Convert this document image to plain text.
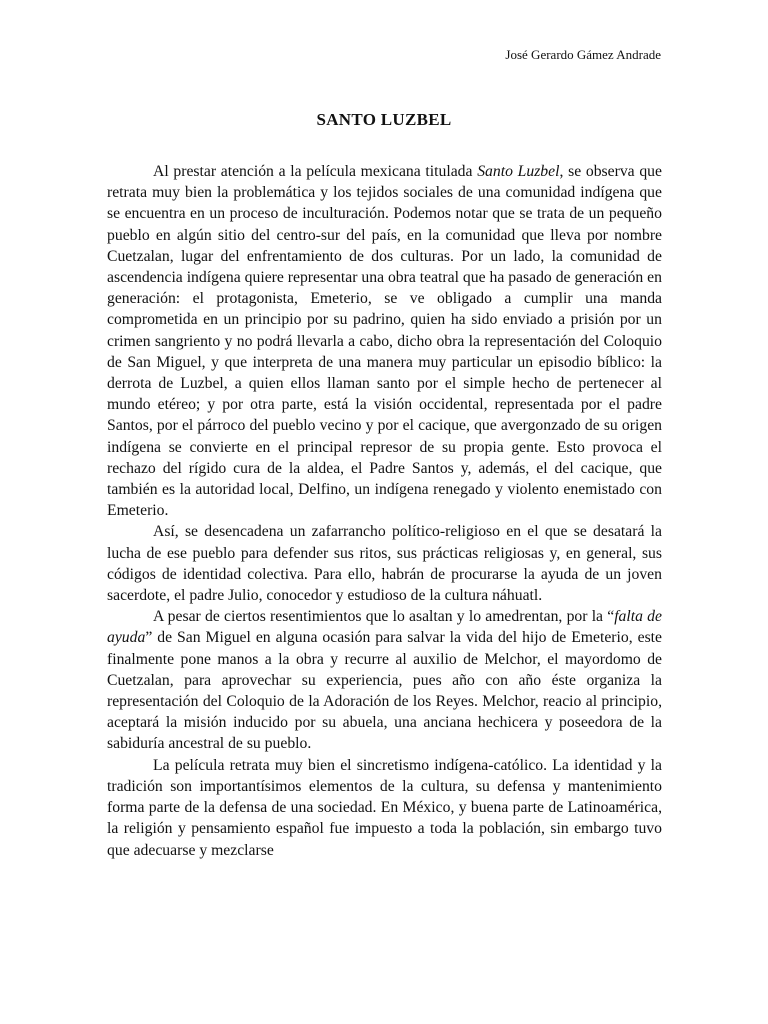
José Gerardo Gámez Andrade
SANTO LUZBEL

Al prestar atención a la película mexicana titulada Santo Luzbel, se observa que retrata muy bien la problemática y los tejidos sociales de una comunidad indígena que se encuentra en un proceso de inculturación. Podemos notar que se trata de un pequeño pueblo en algún sitio del centro-sur del país, en la comunidad que lleva por nombre Cuetzalan, lugar del enfrentamiento de dos culturas. Por un lado, la comunidad de ascendencia indígena quiere representar una obra teatral que ha pasado de generación en generación: el protagonista, Emeterio, se ve obligado a cumplir una manda comprometida en un principio por su padrino, quien ha sido enviado a prisión por un crimen sangriento y no podrá llevarla a cabo, dicho obra la representación del Coloquio de San Miguel, y que interpreta de una manera muy particular un episodio bíblico: la derrota de Luzbel, a quien ellos llaman santo por el simple hecho de pertenecer al mundo etéreo; y por otra parte, está la visión occidental, representada por el padre Santos, por el párroco del pueblo vecino y por el cacique, que avergonzado de su origen indígena se convierte en el principal represor de su propia gente. Esto provoca el rechazo del rígido cura de la aldea, el Padre Santos y, además, el del cacique, que también es la autoridad local, Delfino, un indígena renegado y violento enemistado con Emeterio.

Así, se desencadena un zafarrancho político-religioso en el que se desatará la lucha de ese pueblo para defender sus ritos, sus prácticas religiosas y, en general, sus códigos de identidad colectiva. Para ello, habrán de procurarse la ayuda de un joven sacerdote, el padre Julio, conocedor y estudioso de la cultura náhuatl.

A pesar de ciertos resentimientos que lo asaltan y lo amedrentan, por la “falta de ayuda” de San Miguel en alguna ocasión para salvar la vida del hijo de Emeterio, este finalmente pone manos a la obra y recurre al auxilio de Melchor, el mayordomo de Cuetzalan, para aprovechar su experiencia, pues año con año éste organiza la representación del Coloquio de la Adoración de los Reyes. Melchor, reacio al principio, aceptará la misión inducido por su abuela, una anciana hechicera y poseedora de la sabiduría ancestral de su pueblo.

La película retrata muy bien el sincretismo indígena-católico. La identidad y la tradición son importantísimos elementos de la cultura, su defensa y mantenimiento forma parte de la defensa de una sociedad. En México, y buena parte de Latinoamérica, la religión y pensamiento español fue impuesto a toda la población, sin embargo tuvo que adecuarse y mezclarse
